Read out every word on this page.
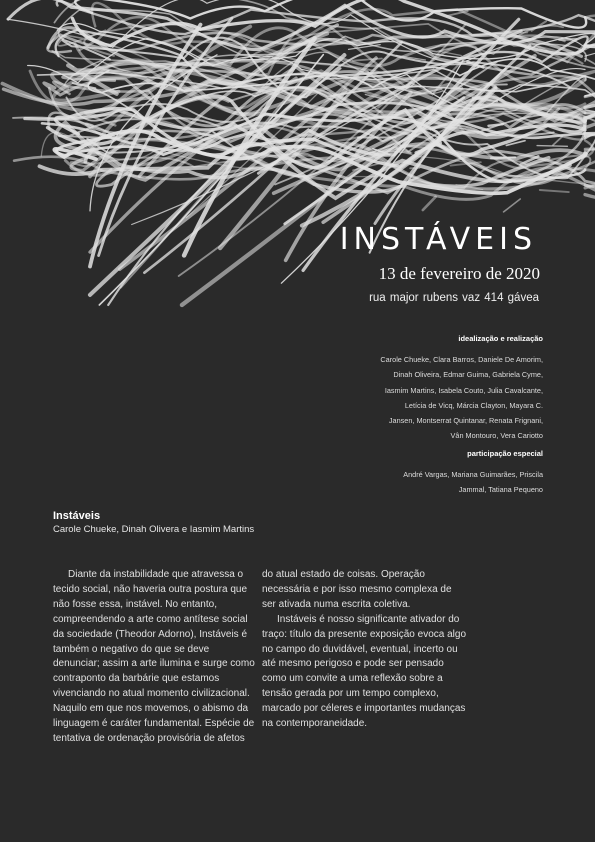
INSTÁVEIS
13 de fevereiro de 2020
rua major rubens vaz 414 gávea
idealização e realização
Carole Chueke, Clara Barros, Daniele De Amorim,
Dinah Oliveira, Edmar Guima, Gabriela Cyme,
Iasmim Martins, Isabela Couto, Julia Cavalcante,
Letícia de Vicq, Márcia Clayton, Mayara C.
Jansen, Montserrat Quintanar, Renata Frignani,
Vân Montouro, Vera Cariotto
participação especial
André Vargas, Mariana Guimarães, Priscila
Jammal, Tatiana Pequeno
Instáveis
Carole Chueke, Dinah Olivera e Iasmim Martins

Diante da instabilidade que atravessa o tecido social, não haveria outra postura que não fosse essa, instável. No entanto, compreendendo a arte como antítese social da sociedade (Theodor Adorno), Instáveis é também o negativo do que se deve denunciar; assim a arte ilumina e surge como contraponto da barbárie que estamos vivenciando no atual momento civilizacional. Naquilo em que nos movemos, o abismo da linguagem é caráter fundamental. Espécie de tentativa de ordenação provisória de afetos

do atual estado de coisas. Operação necessária e por isso mesmo complexa de ser ativada numa escrita coletiva.

Instáveis é nosso significante ativador do traço: título da presente exposição evoca algo no campo do duvidável, eventual, incerto ou até mesmo perigoso e pode ser pensado como um convite a uma reflexão sobre a tensão gerada por um tempo complexo, marcado por céleres e importantes mudanças na contemporaneidade.
